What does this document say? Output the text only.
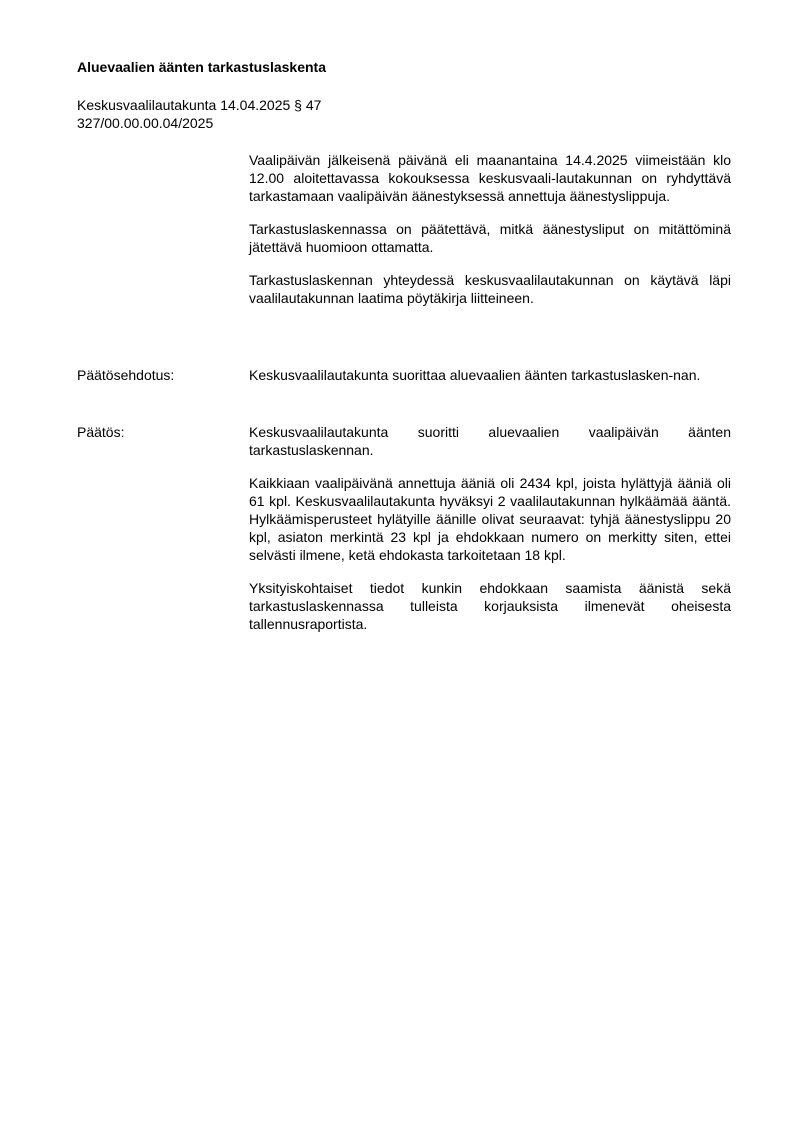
Aluevaalien äänten tarkastuslaskenta
Keskusvaalilautakunta 14.04.2025 § 47
327/00.00.00.04/2025

Vaalipäivän jälkeisenä päivänä eli maanantaina 14.4.2025 viimeistään klo 12.00 aloitettavassa kokouksessa keskusvaali-lautakunnan on ryhdyttävä tarkastamaan vaalipäivän äänestyksessä annettuja äänestyslippuja.

Tarkastuslaskennassa on päätettävä, mitkä äänestysliput on mitättöminä jätettävä huomioon ottamatta.

Tarkastuslaskennan yhteydessä keskusvaalilautakunnan on käytävä läpi vaalilautakunnan laatima pöytäkirja liitteineen.

Päätösehdotus:	Keskusvaalilautakunta suorittaa aluevaalien äänten tarkastuslasken-nan.

Päätös:	Keskusvaalilautakunta suoritti aluevaalien vaalipäivän äänten tarkastuslaskennan.

Kaikkiaan vaalipäivänä annettuja ääniä oli 2434 kpl, joista hylättyjä ääniä oli 61 kpl. Keskusvaalilautakunta hyväksyi 2 vaalilautakunnan hylkäämää ääntä. Hylkäämisperusteet hylätyille äänille olivat seuraavat: tyhjä äänestyslippu 20 kpl, asiaton merkintä 23 kpl ja ehdokkaan numero on merkitty siten, ettei selvästi ilmene, ketä ehdokasta tarkoitetaan 18 kpl.

Yksityiskohtaiset tiedot kunkin ehdokkaan saamista äänistä sekä tarkastuslaskennassa tulleista korjauksista ilmenevät oheisesta tallennusraportista.
